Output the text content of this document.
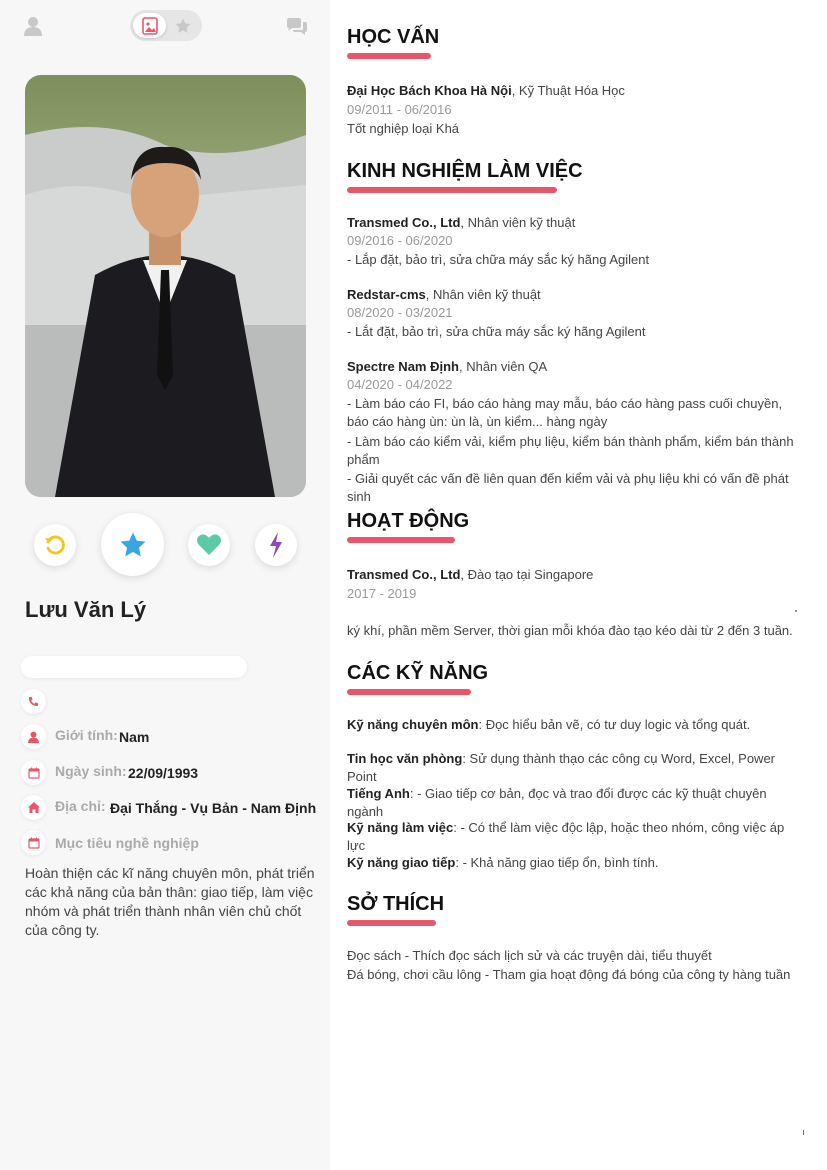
Lưu Văn Lý
Giới tính: Nam
Ngày sinh: 22/09/1993
Địa chỉ: Đại Thắng - Vụ Bản - Nam Định
Mục tiêu nghề nghiệp
Hoàn thiện các kĩ năng chuyên môn, phát triển các khả năng của bản thân: giao tiếp, làm việc nhóm và phát triển thành nhân viên chủ chốt của công ty.
HỌC VẤN
Đại Học Bách Khoa Hà Nội, Kỹ Thuật Hóa Học
09/2011 - 06/2016
Tốt nghiệp loại Khá
KINH NGHIỆM LÀM VIỆC
Transmed Co., Ltd, Nhân viên kỹ thuật
09/2016 - 06/2020
- Lắp đặt, bảo trì, sửa chữa máy sắc ký hãng Agilent
Redstar-cms, Nhân viên kỹ thuật
08/2020 - 03/2021
- Lắt đặt, bảo trì, sửa chữa máy sắc ký hãng Agilent
Spectre Nam Định, Nhân viên QA
04/2020 - 04/2022
- Làm báo cáo FI, báo cáo hàng may mẫu, báo cáo hàng pass cuối chuyền, báo cáo hàng ùn: ùn là, ùn kiểm... hàng ngày
- Làm báo cáo kiểm vải, kiểm phụ liệu, kiểm bán thành phẩm, kiểm bán thành phẩm
- Giải quyết các vấn đề liên quan đến kiểm vải và phụ liệu khi có vấn đề phát sinh
HOẠT ĐỘNG
Transmed Co., Ltd, Đào tạo tại Singapore
2017 - 2019
ký khí, phần mềm Server, thời gian mỗi khóa đào tạo kéo dài từ 2 đến 3 tuần.
CÁC KỸ NĂNG
Kỹ năng chuyên môn: Đọc hiểu bản vẽ, có tư duy logic và tổng quát.
Tin học văn phòng: Sử dụng thành thạo các công cụ Word, Excel, Power Point
Tiếng Anh: - Giao tiếp cơ bản, đọc và trao đổi được các kỹ thuật chuyên ngành
Kỹ năng làm việc: - Có thể làm việc độc lập, hoặc theo nhóm, công việc áp lực
Kỹ năng giao tiếp: - Khả năng giao tiếp ổn, bình tính.
SỞ THÍCH
Đọc sách - Thích đọc sách lịch sử và các truyện dài, tiểu thuyết
Đá bóng, chơi cầu lông - Tham gia hoạt động đá bóng của công ty hàng tuần
